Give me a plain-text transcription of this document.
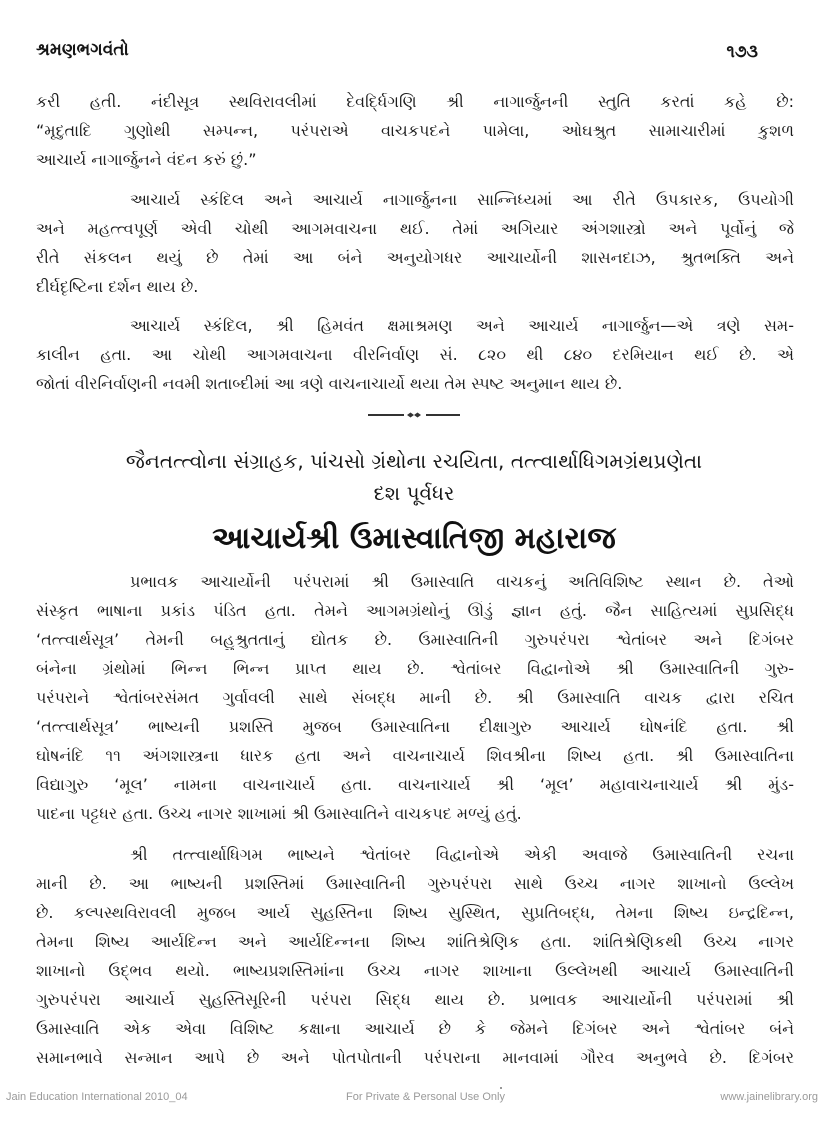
શ્રમણભગવંતો	૧૭૩
કરી હતી. નંદીસૂત્ર સ્થવિરાવલીમાં દેવર્દ્ધિગણિ શ્રી નાગાર્જુનની સ્તુતિ કરતાં કહે છે:
“મૃદુતાદિ ગુણોથી સમ્પન્ન, પરંપરાએ વાચકપદને પામેલા, ઓઘશ્રુત સામાચારીમાં કુશળ
આચાર્ય નાગાર્જુનને વંદન કરું છું.”
આચાર્ય સ્કંદિલ અને આચાર્ય નાગાર્જુનના સાન્નિધ્યમાં આ રીતે ઉપકારક, ઉપયોગી
અને મહત્ત્વપૂર્ણ એવી ચોથી આગમવાચના થઈ. તેમાં અગિયાર અંગશાસ્ત્રો અને પૂર્વોનું જે
રીતે સંકલન થયું છે તેમાં આ બંને અનુયોગધર આચાર્યોની શાસનદાઝ, શ્રુતભક્તિ અને
દીર્ઘદૃષ્ટિના દર્શન થાય છે.
આચાર્ય સ્કંદિલ, શ્રી હિમવંત ક્ષમાશ્રમણ અને આચાર્ય નાગાર્જુન—એ ત્રણે સમ-
કાલીન હતા. આ ચોથી આગમવાચના વીરનિર્વાણ સં. ૮૨૦ થી ૮૪૦ દરમિયાન થઈ છે. એ
જોતાં વીરનિર્વાણની નવમી શતાબ્દીમાં આ ત્રણે વાચનાચાર્યો થયા તેમ સ્પષ્ટ અનુમાન થાય છે.
જૈનતત્ત્વોના સંગ્રાહક, પાંચસો ગ્રંથોના રચયિતા, તત્ત્વાર્થાધિગમગ્રંથપ્રણેતા
દશ પૂર્વધર
આચાર્યશ્રી ઉમાસ્વાતિજી મહારાજ
પ્રભાવક આચાર્યોની પરંપરામાં શ્રી ઉમાસ્વાતિ વાચકનું અતિવિશિષ્ટ સ્થાન છે. તેઓ
સંસ્કૃત ભાષાના પ્રકાંડ પંડિત હતા. તેમને આગમગ્રંથોનું ઊંડું જ્ઞાન હતું. જૈન સાહિત્યમાં સુપ્રસિદ્ધ
‘તત્ત્વાર્થસૂત્ર’ તેમની બહુશ્રુતતાનું દ્યોતક છે. ઉમાસ્વાતિની ગુરુપરંપરા શ્વેતાંબર અને દિગંબર
બંનેના ગ્રંથોમાં ભિન્ન ભિન્ન પ્રાપ્ત થાય છે. શ્વેતાંબર વિદ્વાનોએ શ્રી ઉમાસ્વાતિની ગુરુ-
પરંપરાને શ્વેતાંબરસંમત ગુર્વાવલી સાથે સંબદ્ધ માની છે. શ્રી ઉમાસ્વાતિ વાચક દ્વારા રચિત
‘તત્ત્વાર્થસૂત્ર’ ભાષ્યની પ્રશસ્તિ મુજબ ઉમાસ્વાતિના દીક્ષાગુરુ આચાર્ય ઘોષનંદિ હતા. શ્રી
ઘોષનંદિ ૧૧ અંગશાસ્ત્રના ધારક હતા અને વાચનાચાર્ય શિવશ્રીના શિષ્ય હતા. શ્રી ઉમાસ્વાતિના
વિદ્યાગુરુ ‘મૂલ’ નામના વાચનાચાર્ય હતા. વાચનાચાર્ય શ્રી ‘મૂલ’ મહાવાચનાચાર્ય શ્રી મુંડ-
પાદના પટ્ટધર હતા. ઉચ્ચ નાગર શાખામાં શ્રી ઉમાસ્વાતિને વાચકપદ મળ્યું હતું.
શ્રી તત્ત્વાર્થાધિગમ ભાષ્યને શ્વેતાંબર વિદ્વાનોએ એકી અવાજે ઉમાસ્વાતિની રચના
માની છે. આ ભાષ્યની પ્રશસ્તિમાં ઉમાસ્વાતિની ગુરુપરંપરા સાથે ઉચ્ચ નાગર શાખાનો ઉલ્લેખ
છે. કલ્પસ્થવિરાવલી મુજબ આર્ય સુહસ્તિના શિષ્ય સુસ્થિત, સુપ્રતિબદ્ધ, તેમના શિષ્ય ઇન્દ્રદિન્ન,
તેમના શિષ્ય આર્યદિન્ન અને આર્યદિન્નના શિષ્ય શાંતિશ્રેણિક હતા. શાંતિશ્રેણિકથી ઉચ્ચ નાગર
શાખાનો ઉદ્ભવ થયો. ભાષ્યપ્રશસ્તિમાંના ઉચ્ચ નાગર શાખાના ઉલ્લેખથી આચાર્ય ઉમાસ્વાતિની
ગુરુપરંપરા આચાર્ય સુહસ્તિસૂરિની પરંપરા સિદ્ધ થાય છે. પ્રભાવક આચાર્યોની પરંપરામાં શ્રી
ઉમાસ્વાતિ એક એવા વિશિષ્ટ કક્ષાના આચાર્ય છે કે જેમને દિગંબર અને શ્વેતાંબર બંને
સમાનભાવે સન્માન આપે છે અને પોતપોતાની પરંપરાના માનવામાં ગૌરવ અનુભવે છે. દિગંબર
Jain Education International 2010_04	For Private & Personal Use Only	www.jainelibrary.org
